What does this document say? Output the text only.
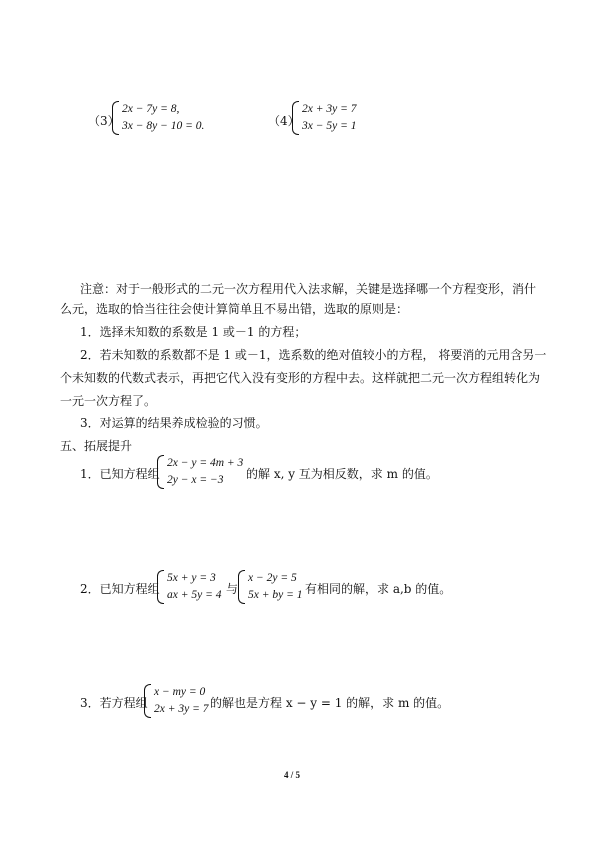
（3）
2x − 7y = 8,
3x − 8y − 10 = 0.	（4）
2x + 3y = 7
3x − 5y = 1
注意：对于一般形式的二元一次方程用代入法求解，关键是选择哪一个方程变形，消什
么元，选取的恰当往往会使计算简单且不易出错，选取的原则是：
1．选择未知数的系数是 1 或－1 的方程；
2．若未知数的系数都不是 1 或－1，选系数的绝对值较小的方程， 将要消的元用含另一
个未知数的代数式表示，再把它代入没有变形的方程中去。这样就把二元一次方程组转化为
一元一次方程了。
3．对运算的结果养成检验的习惯。
五、拓展提升
1．已知方程组
2x − y = 4m + 3
2y − x = −3	的解 x, y 互为相反数，求 m 的值。
2．已知方程组
5x + y = 3
ax + 5y = 4 与
x − 2y = 5
5x + by = 1 有相同的解，求 a,b 的值。
3．若方程组
x − my = 0
2x + 3y = 7 的解也是方程 x − y = 1 的解，求 m 的值。
4 / 5
